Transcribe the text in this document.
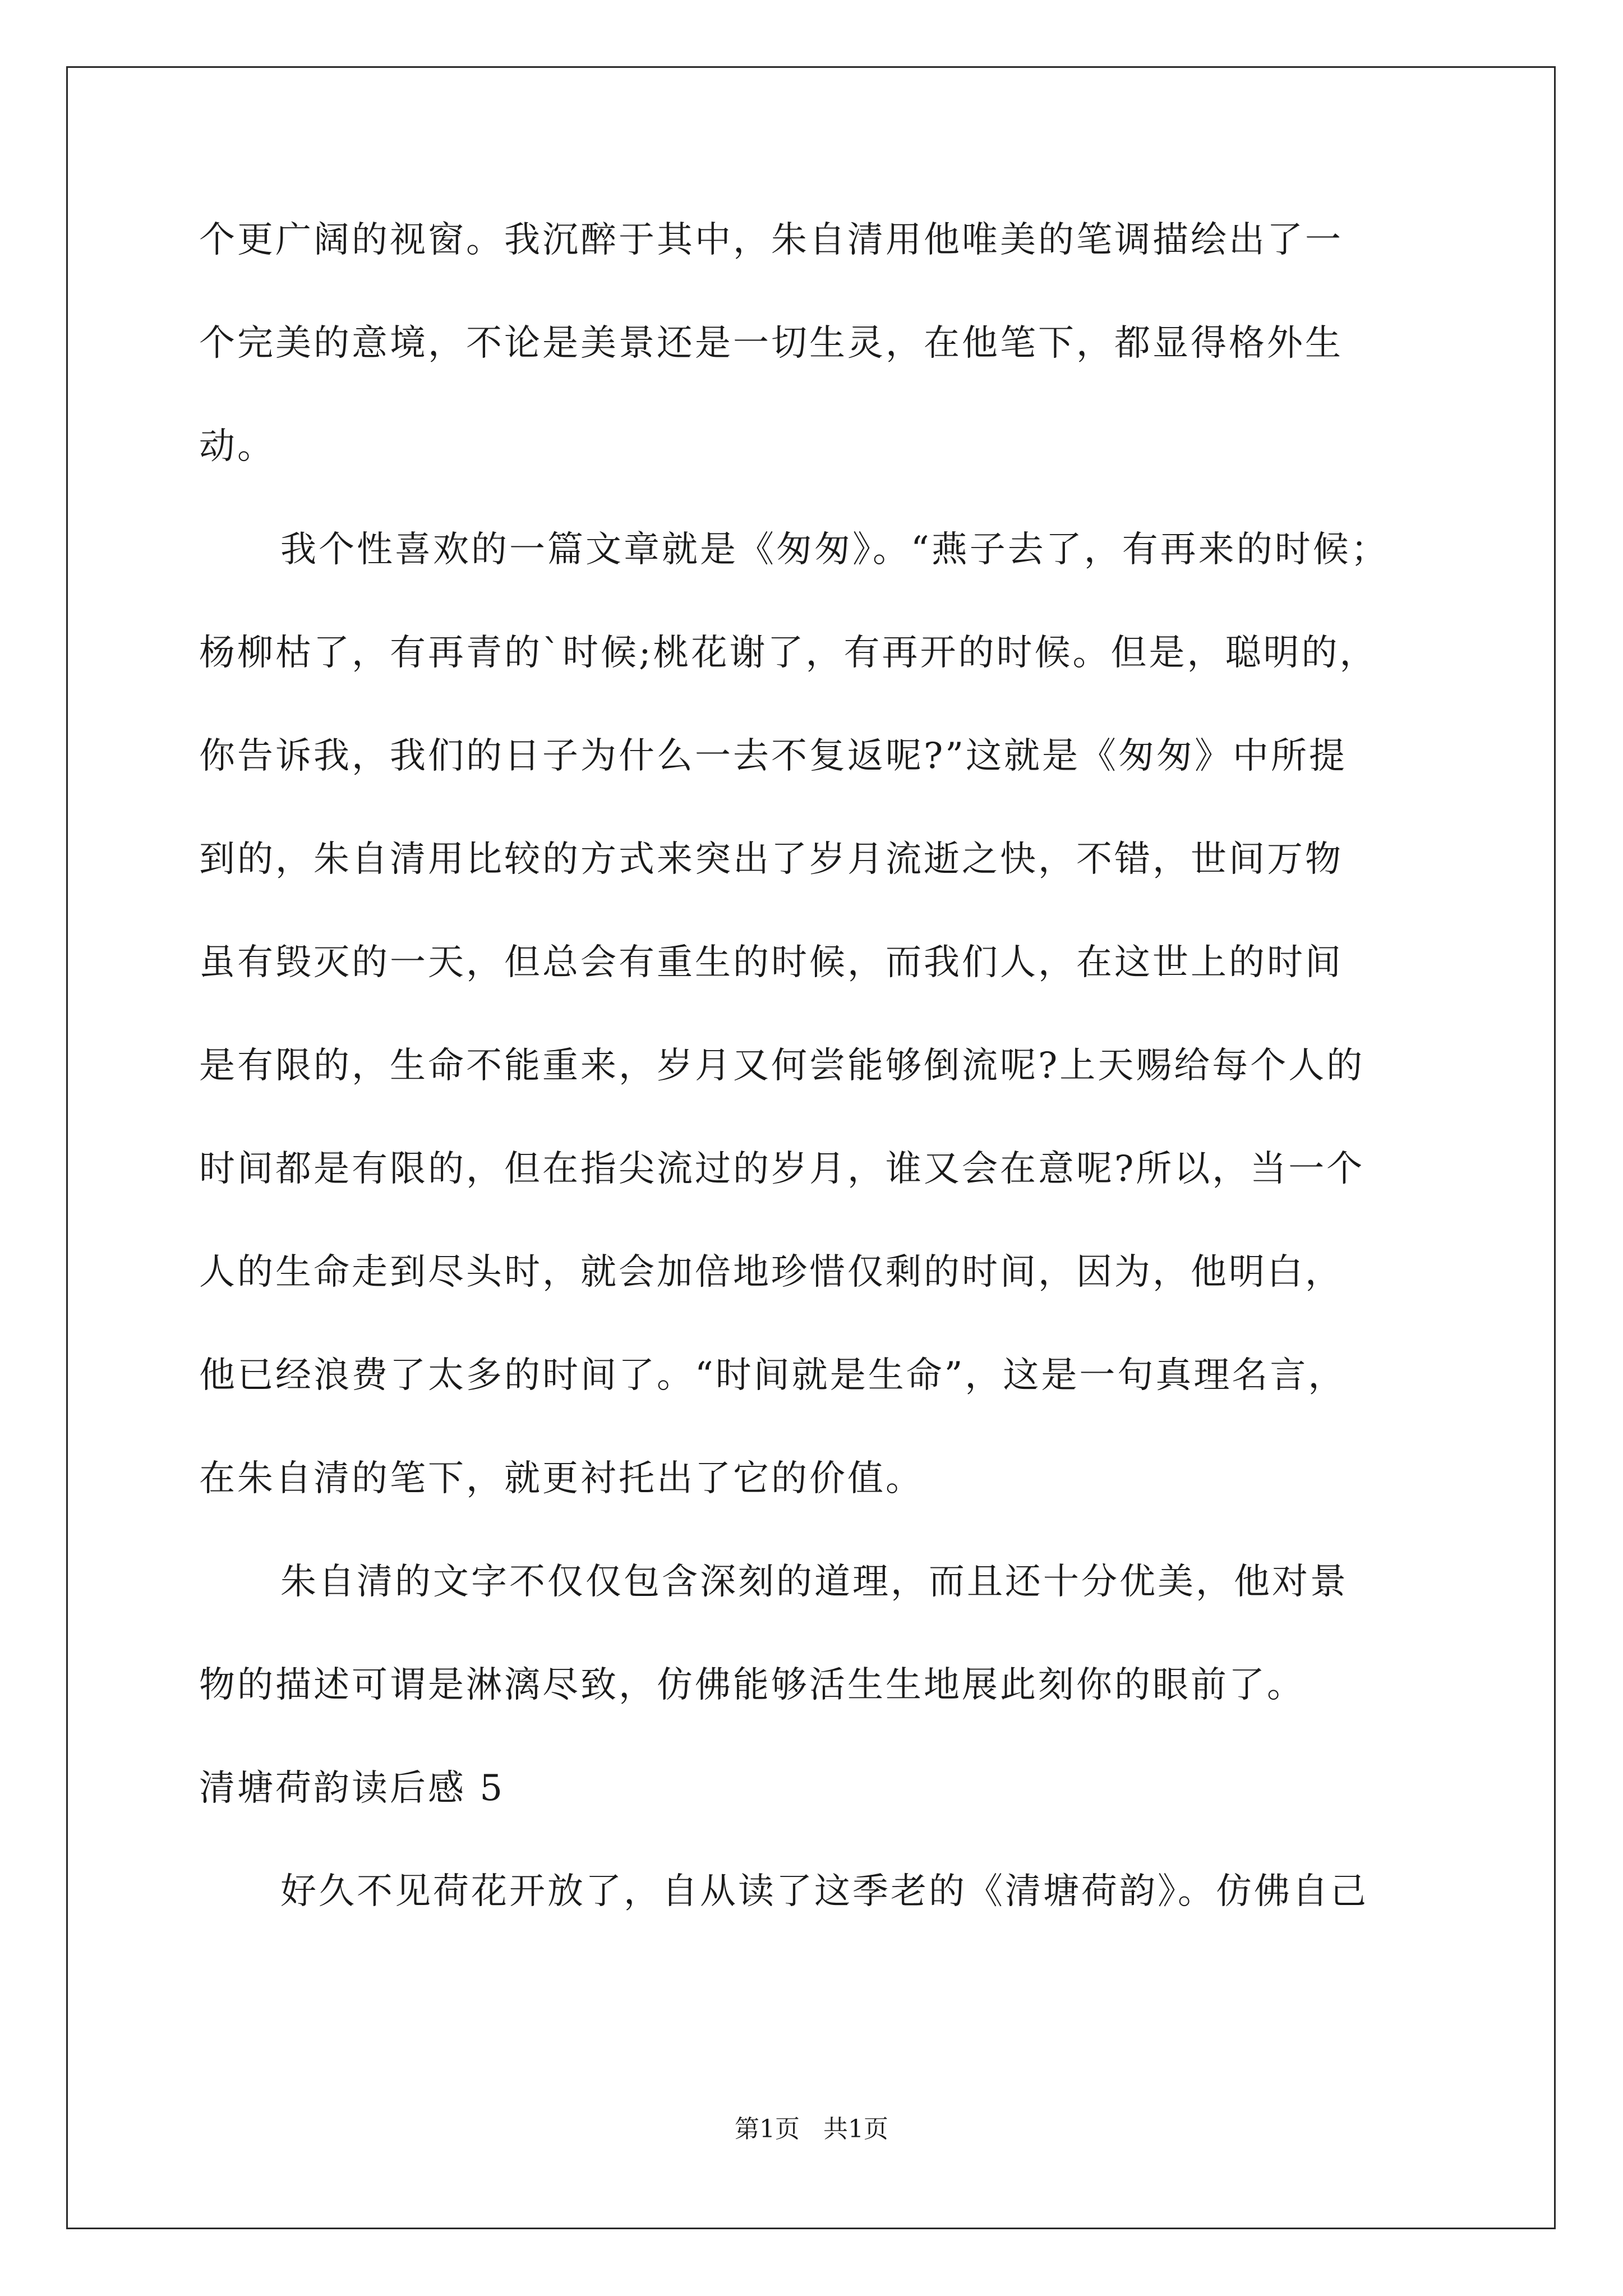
个更广阔的视窗。我沉醉于其中，朱自清用他唯美的笔调描绘出了一
个完美的意境，不论是美景还是一切生灵，在他笔下，都显得格外生
动。
我个性喜欢的一篇文章就是《匆匆》。“燕子去了，有再来的时候；
杨柳枯了，有再青的`时候;桃花谢了，有再开的时候。但是，聪明的，
你告诉我，我们的日子为什么一去不复返呢?”这就是《匆匆》中所提
到的，朱自清用比较的方式来突出了岁月流逝之快，不错，世间万物
虽有毁灭的一天，但总会有重生的时候，而我们人，在这世上的时间
是有限的，生命不能重来，岁月又何尝能够倒流呢?上天赐给每个人的
时间都是有限的，但在指尖流过的岁月，谁又会在意呢?所以，当一个
人的生命走到尽头时，就会加倍地珍惜仅剩的时间，因为，他明白，
他已经浪费了太多的时间了。“时间就是生命”，这是一句真理名言，
在朱自清的笔下，就更衬托出了它的价值。
朱自清的文字不仅仅包含深刻的道理，而且还十分优美，他对景
物的描述可谓是淋漓尽致，仿佛能够活生生地展此刻你的眼前了。
清塘荷韵读后感 5
好久不见荷花开放了，自从读了这季老的《清塘荷韵》。仿佛自己
第1页   共1页
